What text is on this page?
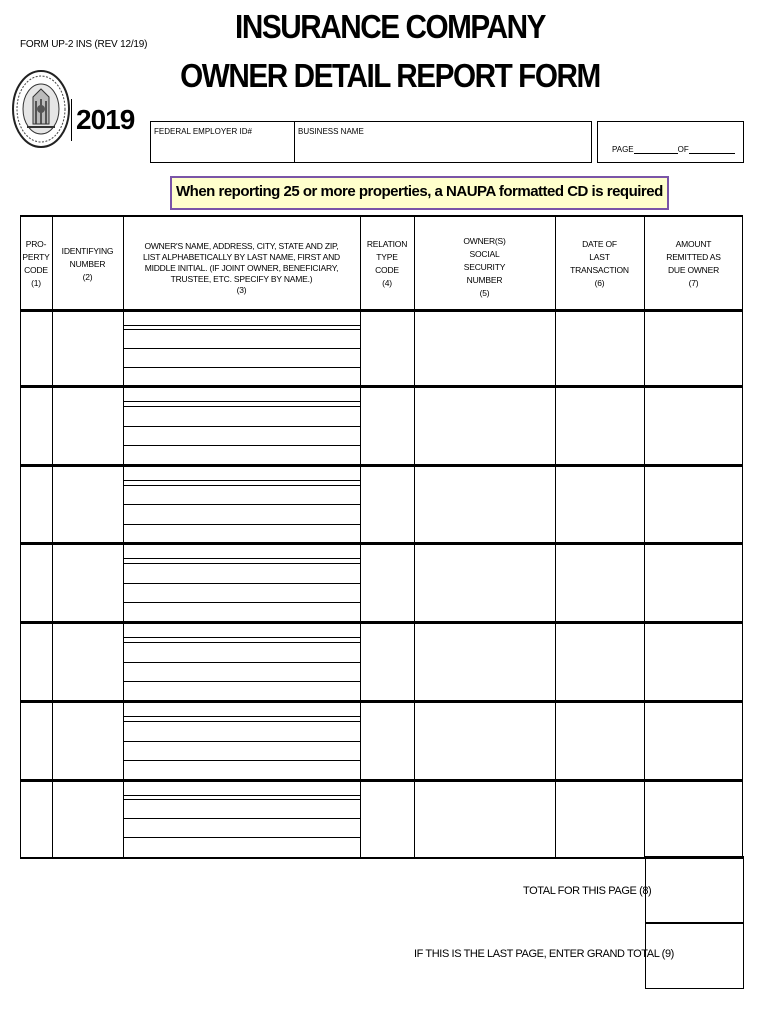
FORM UP-2 INS (REV 12/19)	INSURANCE COMPANY
OWNER DETAIL REPORT FORM
2019 FEDERAL EMPLOYER ID#	BUSINESS NAME
PAGE	OF
When reporting 25 or more properties, a NAUPA formatted CD is required
PRO-
PERTY
CODE
(1)
IDENTIFYING
NUMBER
(2)
OWNER'S NAME, ADDRESS, CITY, STATE AND ZIP,
LIST ALPHABETICALLY BY LAST NAME, FIRST AND
MIDDLE INITIAL. (IF JOINT OWNER, BENEFICIARY,
TRUSTEE, ETC. SPECIFY BY NAME.)
(3)
RELATION
TYPE
CODE
(4)
OWNER(S)
SOCIAL
SECURITY
NUMBER
(5)
DATE OF
LAST
TRANSACTION
(6)
AMOUNT
REMITTED AS
DUE OWNER
(7)
TOTAL FOR THIS PAGE (8)
IF THIS IS THE LAST PAGE, ENTER GRAND TOTAL (9)
